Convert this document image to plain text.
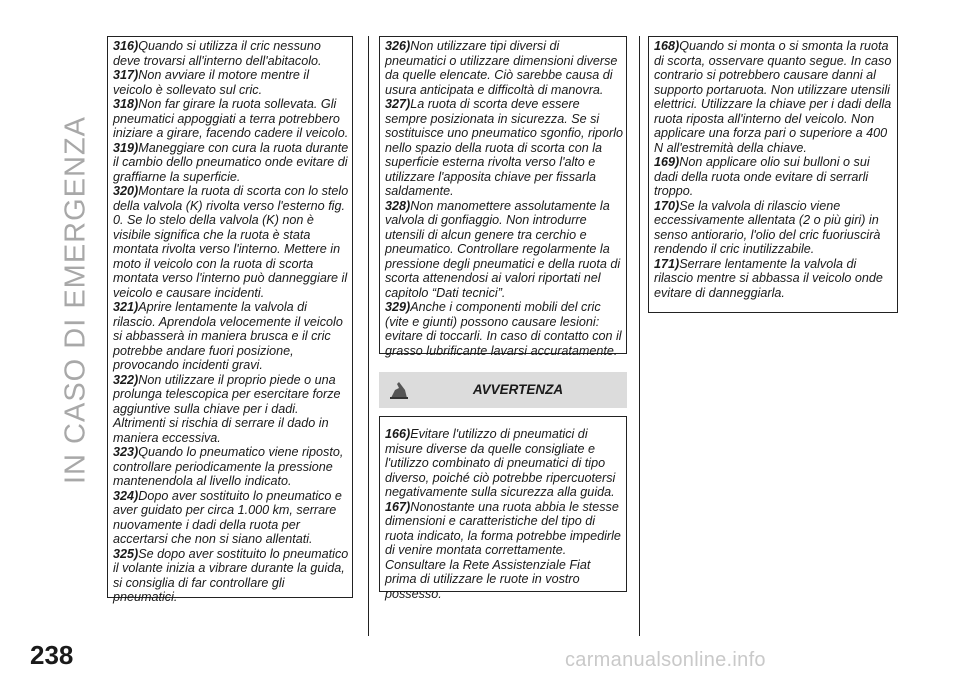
IN CASO DI EMERGENZA

316)Quando si utilizza il cric nessuno deve trovarsi all'interno dell'abitacolo.

317)Non avviare il motore mentre il veicolo è sollevato sul cric.

318)Non far girare la ruota sollevata. Gli pneumatici appoggiati a terra potrebbero iniziare a girare, facendo cadere il veicolo.

319)Maneggiare con cura la ruota durante il cambio dello pneumatico onde evitare di graffiarne la superficie.

320)Montare la ruota di scorta con lo stelo della valvola (K) rivolta verso l'esterno fig. 0. Se lo stelo della valvola (K) non è visibile significa che la ruota è stata montata rivolta verso l'interno. Mettere in moto il veicolo con la ruota di scorta montata verso l'interno può danneggiare il veicolo e causare incidenti.

321)Aprire lentamente la valvola di rilascio. Aprendola velocemente il veicolo si abbasserà in maniera brusca e il cric potrebbe andare fuori posizione, provocando incidenti gravi.

322)Non utilizzare il proprio piede o una prolunga telescopica per esercitare forze aggiuntive sulla chiave per i dadi. Altrimenti si rischia di serrare il dado in maniera eccessiva.

323)Quando lo pneumatico viene riposto, controllare periodicamente la pressione mantenendola al livello indicato.

324)Dopo aver sostituito lo pneumatico e aver guidato per circa 1.000 km, serrare nuovamente i dadi della ruota per accertarsi che non si siano allentati.

325)Se dopo aver sostituito lo pneumatico il volante inizia a vibrare durante la guida, si consiglia di far controllare gli pneumatici.

326)Non utilizzare tipi diversi di pneumatici o utilizzare dimensioni diverse da quelle elencate. Ciò sarebbe causa di usura anticipata e difficoltà di manovra.

327)La ruota di scorta deve essere sempre posizionata in sicurezza. Se si sostituisce uno pneumatico sgonfio, riporlo nello spazio della ruota di scorta con la superficie esterna rivolta verso l'alto e utilizzare l'apposita chiave per fissarla saldamente.

328)Non manomettere assolutamente la valvola di gonfiaggio. Non introdurre utensili di alcun genere tra cerchio e pneumatico. Controllare regolarmente la pressione degli pneumatici e della ruota di scorta attenendosi ai valori riportati nel capitolo “Dati tecnici”.

329)Anche i componenti mobili del cric (vite e giunti) possono causare lesioni: evitare di toccarli. In caso di contatto con il grasso lubrificante lavarsi accuratamente.

AVVERTENZA

166)Evitare l'utilizzo di pneumatici di misure diverse da quelle consigliate e l'utilizzo combinato di pneumatici di tipo diverso, poiché ciò potrebbe ripercuotersi negativamente sulla sicurezza alla guida.

167)Nonostante una ruota abbia le stesse dimensioni e caratteristiche del tipo di ruota indicato, la forma potrebbe impedirle di venire montata correttamente. Consultare la Rete Assistenziale Fiat prima di utilizzare le ruote in vostro possesso.

168)Quando si monta o si smonta la ruota di scorta, osservare quanto segue. In caso contrario si potrebbero causare danni al supporto portaruota. Non utilizzare utensili elettrici. Utilizzare la chiave per i dadi della ruota riposta all'interno del veicolo. Non applicare una forza pari o superiore a 400 N all'estremità della chiave.

169)Non applicare olio sui bulloni o sui dadi della ruota onde evitare di serrarli troppo.

170)Se la valvola di rilascio viene eccessivamente allentata (2 o più giri) in senso antiorario, l'olio del cric fuoriuscirà rendendo il cric inutilizzabile.

171)Serrare lentamente la valvola di rilascio mentre si abbassa il veicolo onde evitare di danneggiarla.

238	carmanualsonline.info
